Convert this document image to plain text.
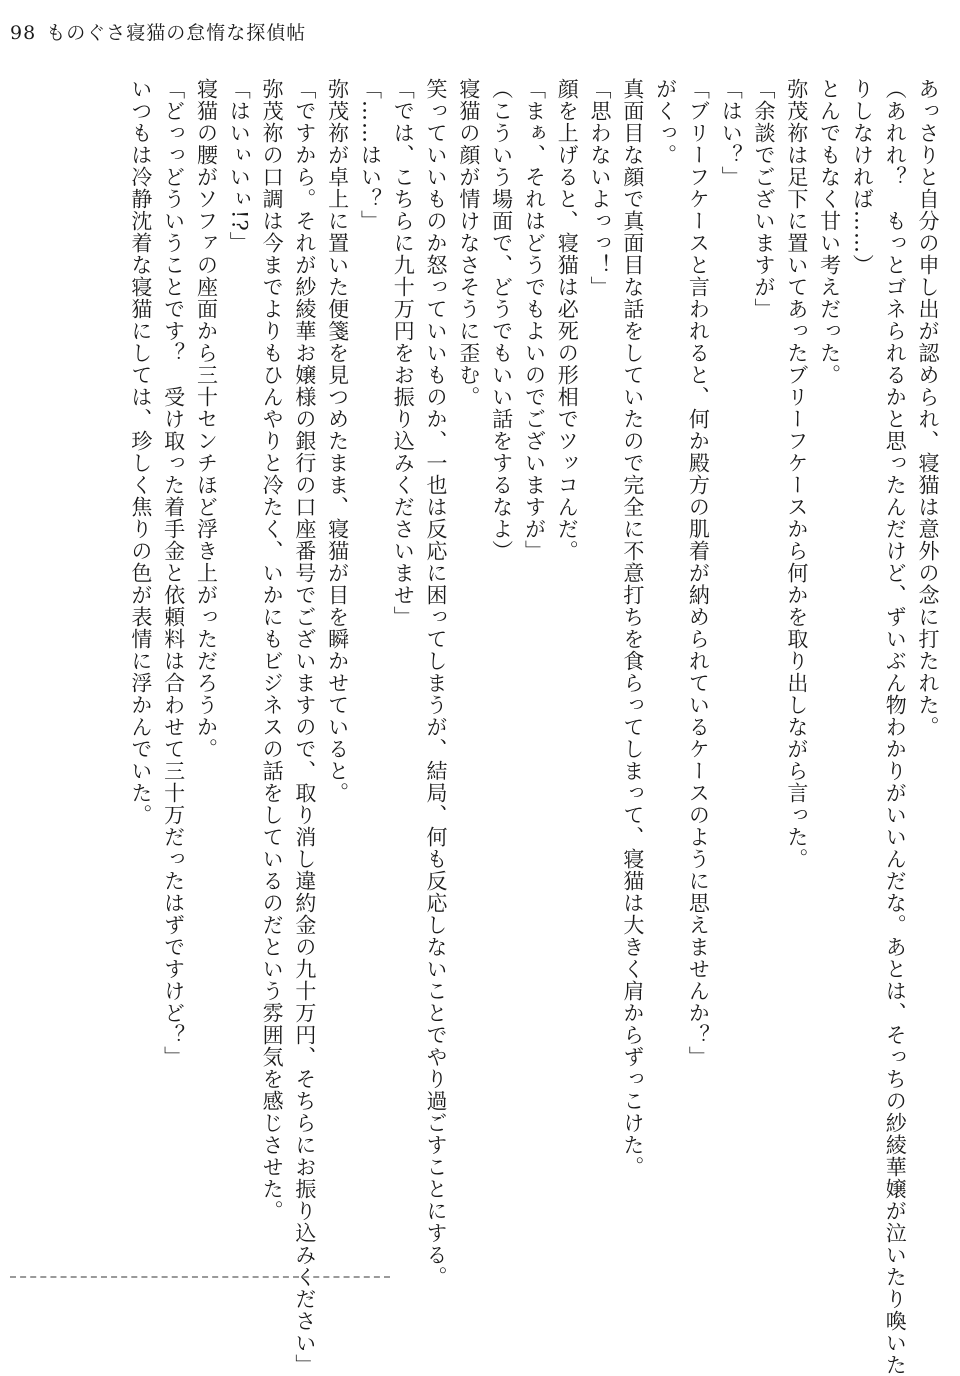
98 ものぐさ寝猫の怠惰な探偵帖
あっさりと自分の申し出が認められ、寝猫は意外の念に打たれた。
（あれれ？　もっとゴネられるかと思ったんだけど、ずいぶん物わかりがいいんだな。あとは、そっちの紗綾華嬢が泣いたり喚いた
りしなければ……）
とんでもなく甘い考えだった。
弥茂祢は足下に置いてあったブリーフケースから何かを取り出しながら言った。
「余談でございますが」
「はい？」
「ブリーフケースと言われると、何か殿方の肌着が納められているケースのように思えませんか？」
がくっ。
真面目な顔で真面目な話をしていたので完全に不意打ちを食らってしまって、寝猫は大きく肩からずっこけた。
「思わないよっっ！」
顔を上げると、寝猫は必死の形相でツッコんだ。
「まぁ、それはどうでもよいのでございますが」
（こういう場面で、どうでもいい話をするなよ）
寝猫の顔が情けなさそうに歪む。
笑っていいものか怒っていいものか、一也は反応に困ってしまうが、結局、何も反応しないことでやり過ごすことにする。
「では、こちらに九十万円をお振り込みくださいませ」
「……はい？」
弥茂祢が卓上に置いた便箋を見つめたまま、寝猫が目を瞬かせていると。
「ですから。それが紗綾華お嬢様の銀行の口座番号でございますので、取り消し違約金の九十万円、そちらにお振り込みください」
弥茂祢の口調は今までよりもひんやりと冷たく、いかにもビジネスの話をしているのだという雰囲気を感じさせた。
「はいぃいぃ!?」
寝猫の腰がソファの座面から三十センチほど浮き上がっただろうか。
「どっっどういうことです？　受け取った着手金と依頼料は合わせて三十万だったはずですけど？」
いつもは冷静沈着な寝猫にしては、珍しく焦りの色が表情に浮かんでいた。
